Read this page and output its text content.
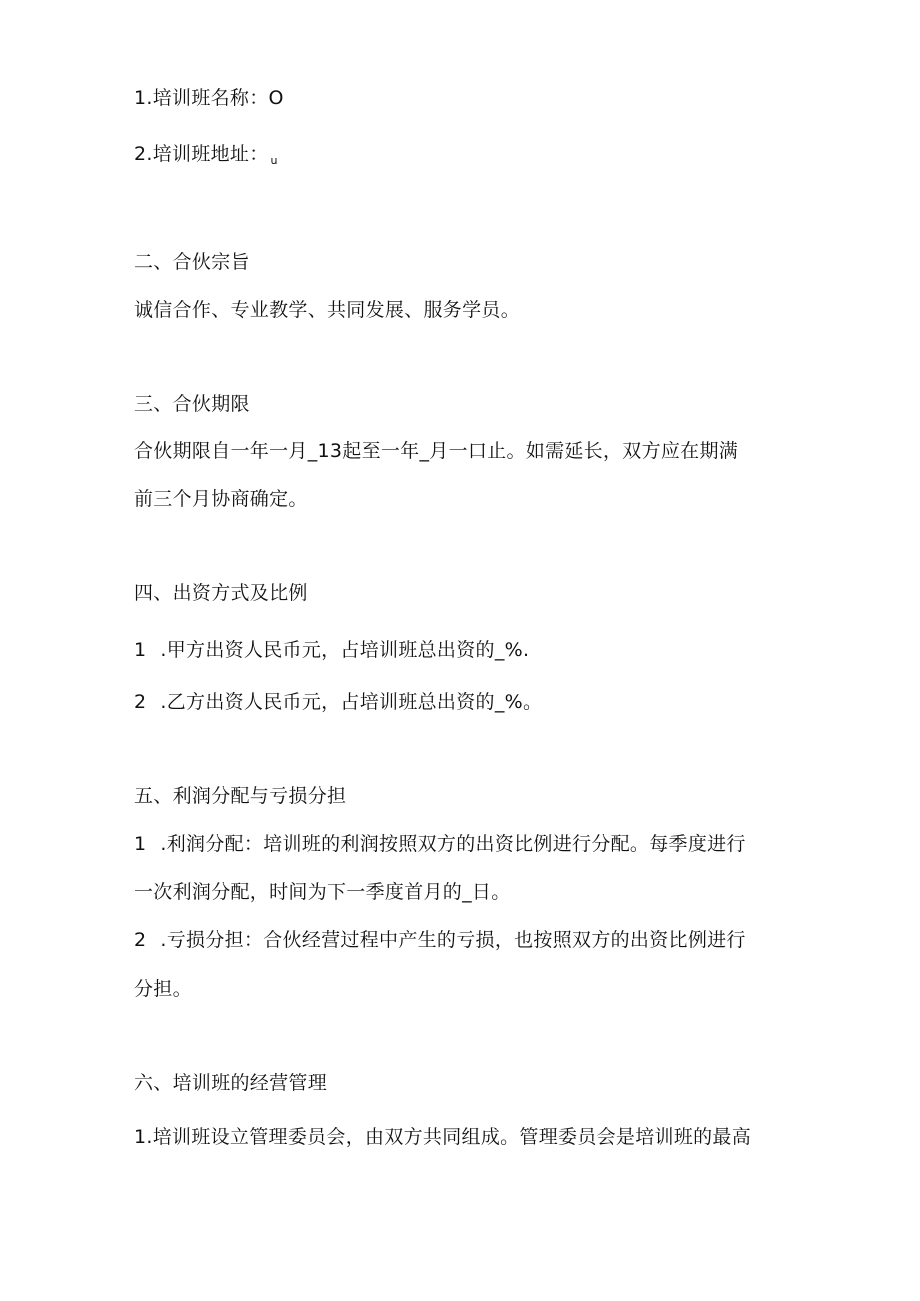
1.培训班名称：O
2.培训班地址： $_u$
二、合伙宗旨
诚信合作、专业教学、共同发展、服务学员。
三、合伙期限
合伙期限自一年一月_13起至一年_月一口止。如需延长，双方应在期满
前三个月协商确定。
四、出资方式及比例
1 .甲方出资人民币元，占培训班总出资的_%.
2 .乙方出资人民币元，占培训班总出资的_%。
五、利润分配与亏损分担
1 .利润分配：培训班的利润按照双方的出资比例进行分配。每季度进行
一次利润分配，时间为下一季度首月的_日。
2 .亏损分担：合伙经营过程中产生的亏损，也按照双方的出资比例进行
分担。
六、培训班的经营管理
1.培训班设立管理委员会，由双方共同组成。管理委员会是培训班的最高
